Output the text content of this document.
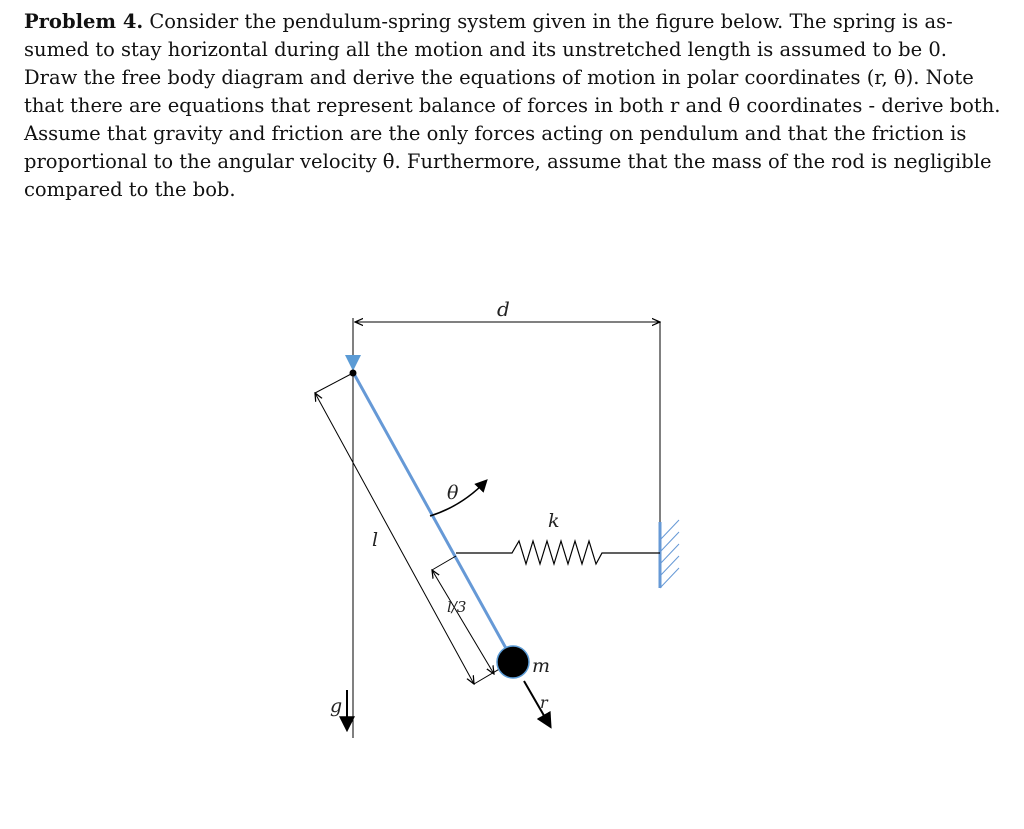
Problem 4. Consider the pendulum-spring system given in the figure below. The spring is as-
sumed to stay horizontal during all the motion and its unstretched length is assumed to be 0.
Draw the free body diagram and derive the equations of motion in polar coordinates (r, θ). Note
that there are equations that represent balance of forces in both r and θ coordinates - derive both.
Assume that gravity and friction are the only forces acting on pendulum and that the friction is
proportional to the angular velocity θ̇. Furthermore, assume that the mass of the rod is negligible
compared to the bob.
d
l
l/3
θ
k
m
r
g
